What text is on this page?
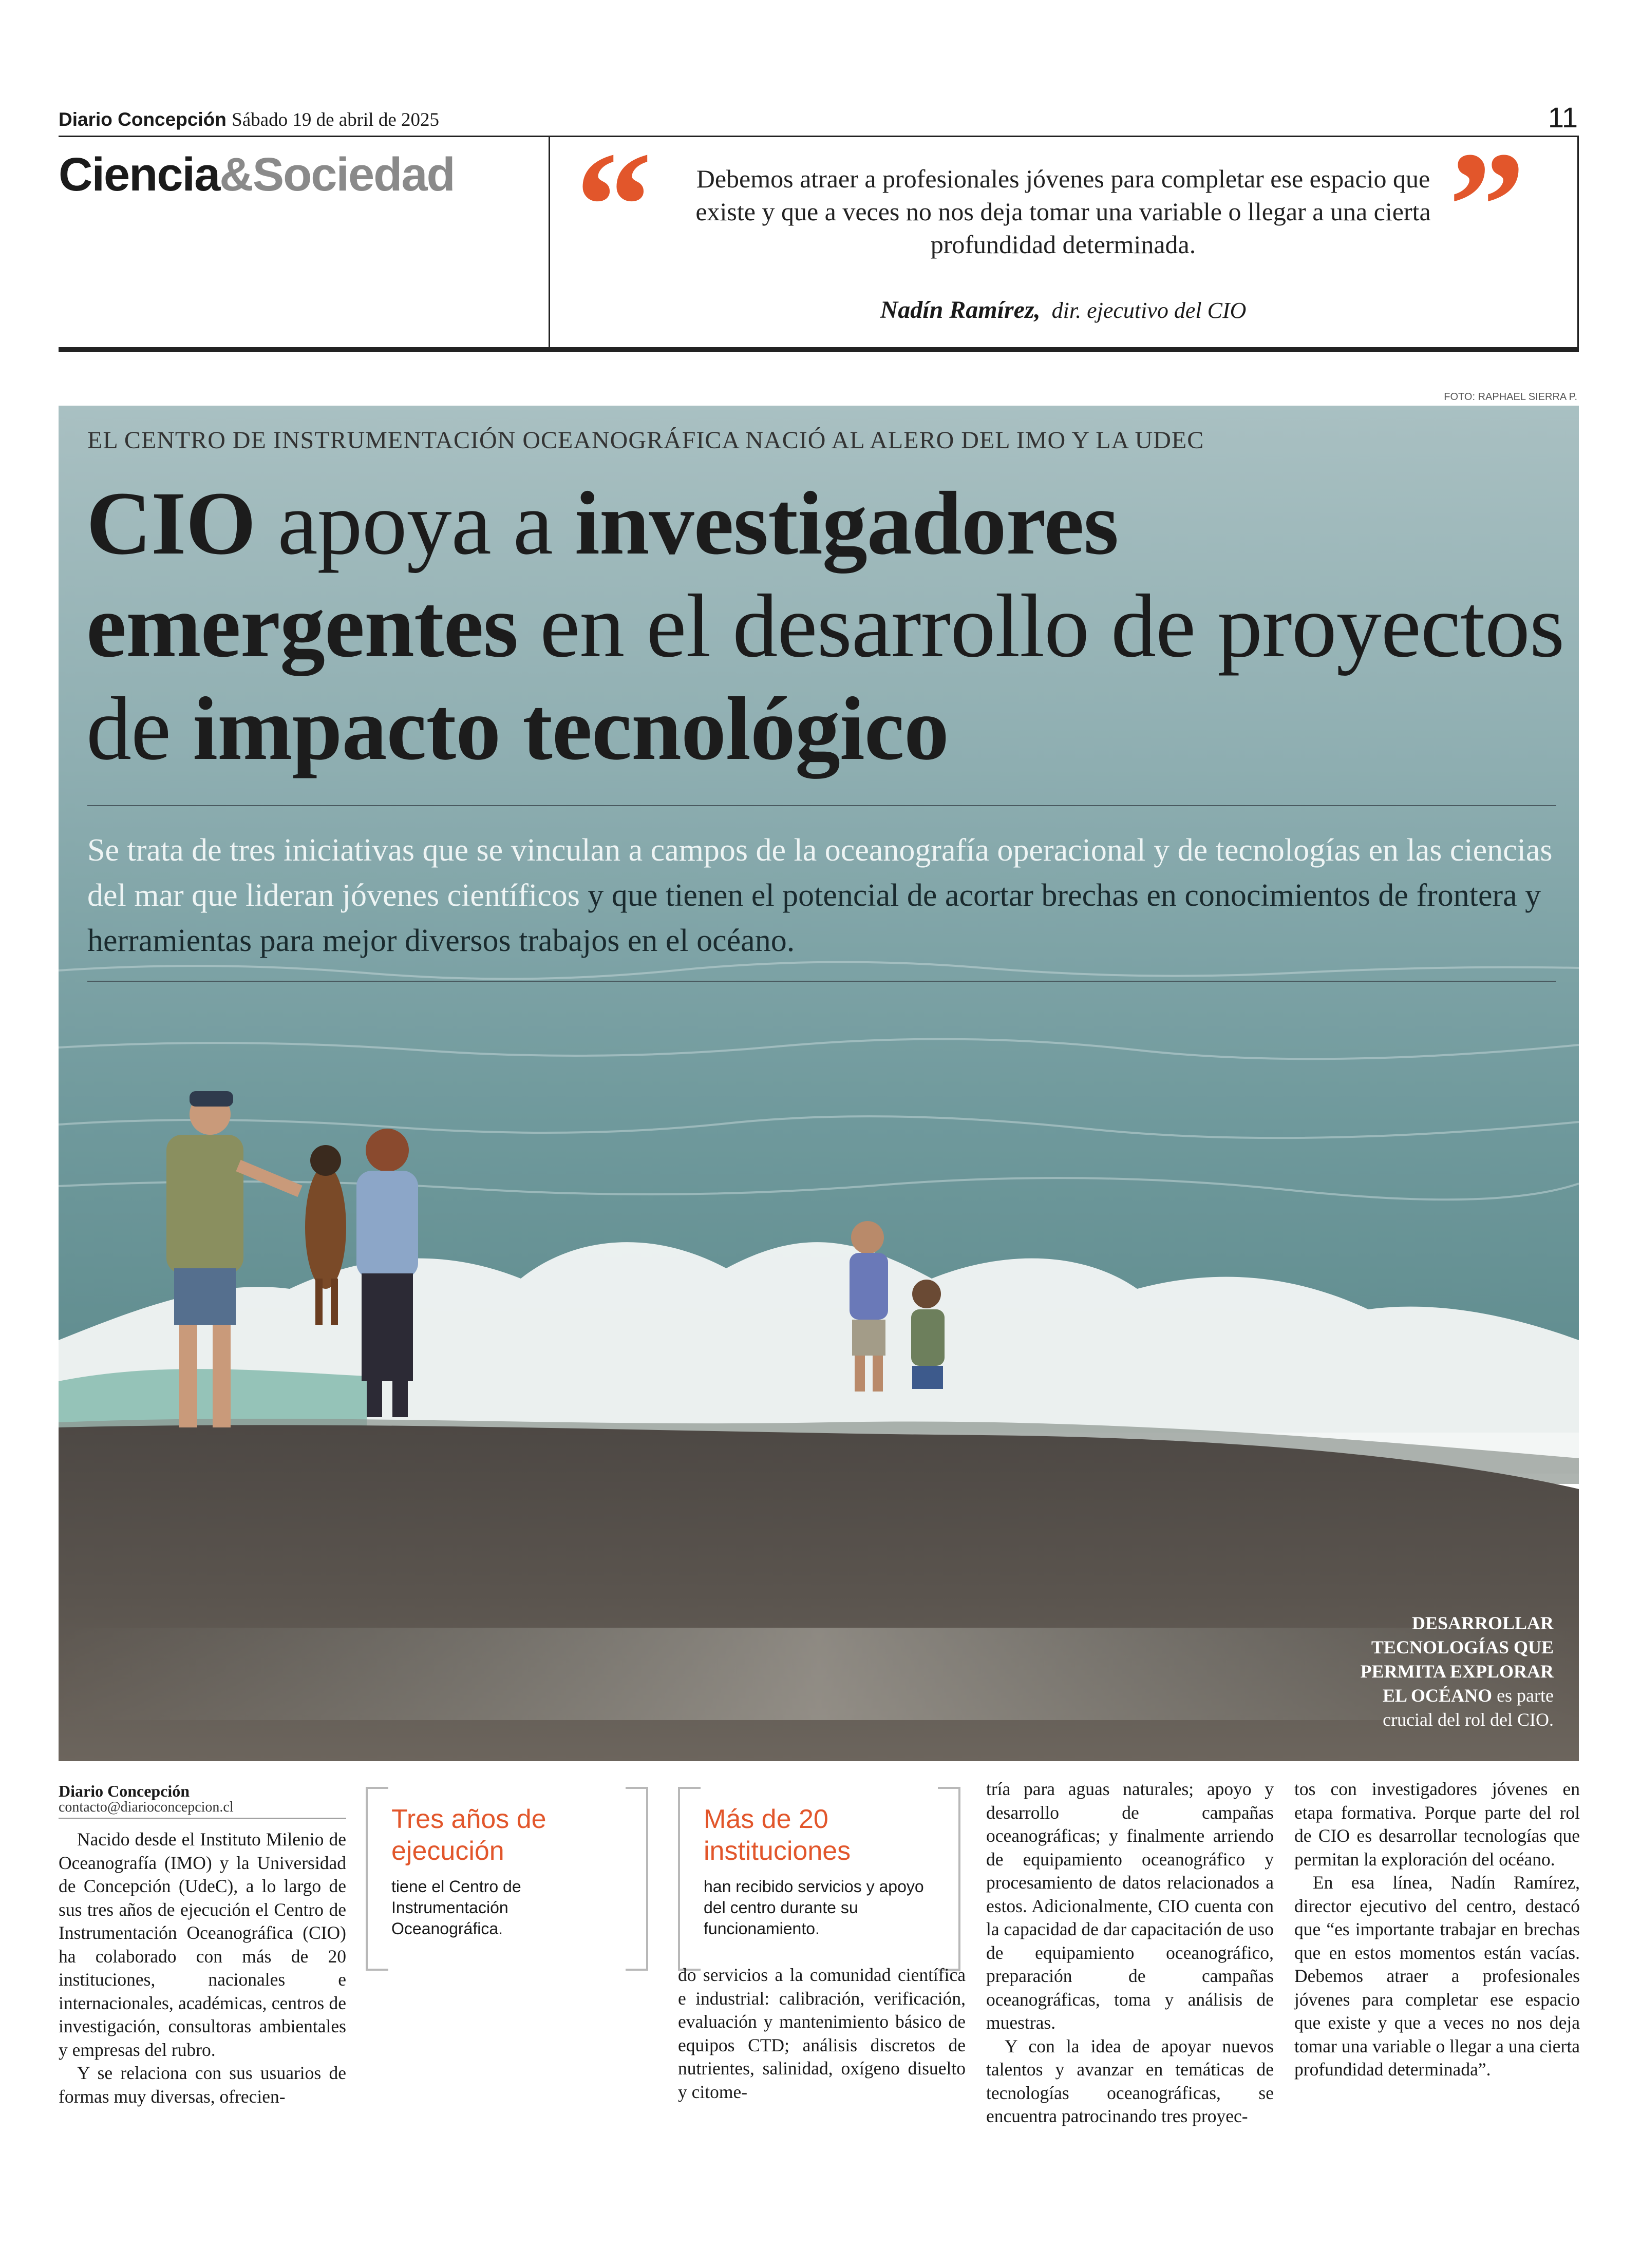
Diario Concepción Sábado 19 de abril de 2025	11
Ciencia&Sociedad “	”
Debemos atraer a profesionales jóvenes para completar ese espacio que existe y que a veces no nos deja tomar una variable o llegar a una cierta profundidad determinada.
Nadín Ramírez, dir. ejecutivo del CIO
FOTO: RAPHAEL SIERRA P.
EL CENTRO DE INSTRUMENTACIÓN OCEANOGRÁFICA NACIÓ AL ALERO DEL IMO Y LA UDEC
CIO apoya a investigadores emergentes en el desarrollo de proyectos de impacto tecnológico
Se trata de tres iniciativas que se vinculan a campos de la oceanografía operacional y de tecnologías en las ciencias del mar que lideran jóvenes científicos y que tienen el potencial de acortar brechas en conocimientos de frontera y herramientas para mejor diversos trabajos en el océano.
DESARROLLAR TECNOLOGÍAS QUE PERMITA EXPLORAR EL OCÉANO es parte crucial del rol del CIO.
Diario Concepción
contacto@diarioconcepcion.cl

Nacido desde el Instituto Milenio de Oceanografía (IMO) y la Universidad de Concepción (UdeC), a lo largo de sus tres años de ejecución el Centro de Instrumentación Oceanográfica (CIO) ha colaborado con más de 20 instituciones, nacionales e internacionales, académicas, centros de investigación, consultoras ambientales y empresas del rubro.

Y se relaciona con sus usuarios de formas muy diversas, ofrecien-

Tres años de ejecución
tiene el Centro de Instrumentación Oceanográfica.
Más de 20 instituciones
han recibido servicios y apoyo del centro durante su funcionamiento.

do servicios a la comunidad científica e industrial: calibración, verificación, evaluación y mantenimiento básico de equipos CTD; análisis discretos de nutrientes, salinidad, oxígeno disuelto y citome-

tría para aguas naturales; apoyo y desarrollo de campañas oceanográficas; y finalmente arriendo de equipamiento oceanográfico y procesamiento de datos relacionados a estos. Adicionalmente, CIO cuenta con la capacidad de dar capacitación de uso de equipamiento oceanográfico, preparación de campañas oceanográficas, toma y análisis de muestras.

Y con la idea de apoyar nuevos talentos y avanzar en temáticas de tecnologías oceanográficas, se encuentra patrocinando tres proyec-

tos con investigadores jóvenes en etapa formativa. Porque parte del rol de CIO es desarrollar tecnologías que permitan la exploración del océano.

En esa línea, Nadín Ramírez, director ejecutivo del centro, destacó que “es importante trabajar en brechas que en estos momentos están vacías. Debemos atraer a profesionales jóvenes para completar ese espacio que existe y que a veces no nos deja tomar una variable o llegar a una cierta profundidad determinada”.
